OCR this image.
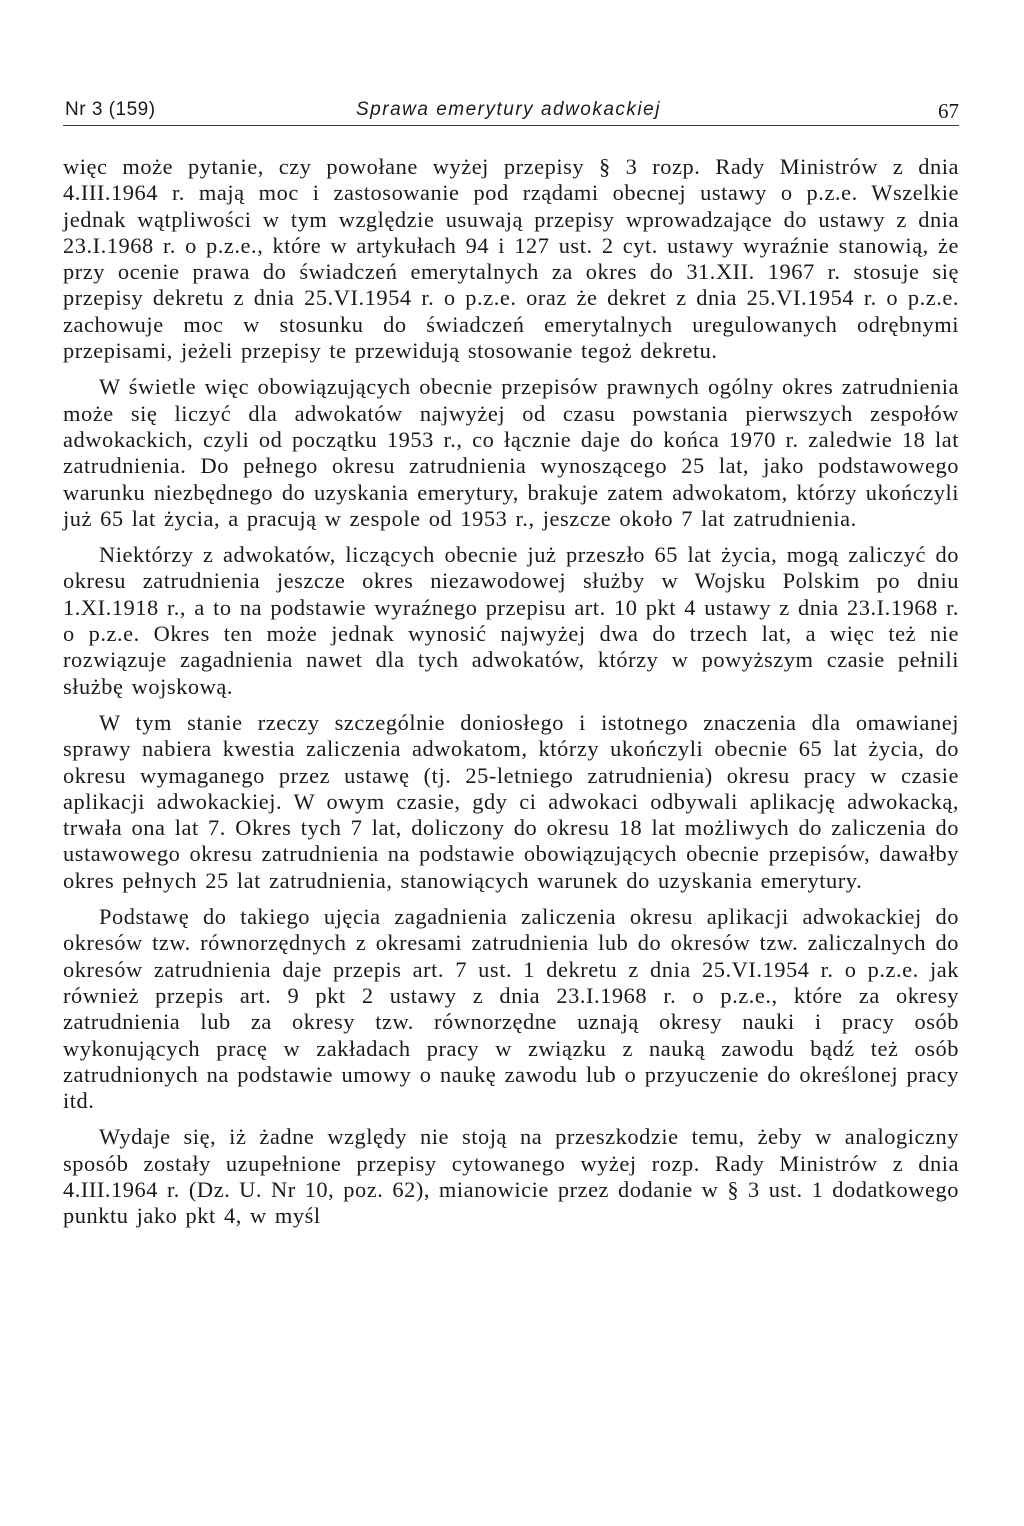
Nr 3 (159)	Sprawa emerytury adwokackiej	67

więc może pytanie, czy powołane wyżej przepisy § 3 rozp. Rady Ministrów z dnia 4.III.1964 r. mają moc i zastosowanie pod rządami obecnej ustawy o p.z.e. Wszelkie jednak wątpliwości w tym względzie usuwają przepisy wprowadzające do ustawy z dnia 23.I.1968 r. o p.z.e., które w artykułach 94 i 127 ust. 2 cyt. ustawy wyraźnie stanowią, że przy ocenie prawa do świadczeń emerytalnych za okres do 31.XII. 1967 r. stosuje się przepisy dekretu z dnia 25.VI.1954 r. o p.z.e. oraz że dekret z dnia 25.VI.1954 r. o p.z.e. zachowuje moc w stosunku do świadczeń emerytalnych uregulowanych odrębnymi przepisami, jeżeli przepisy te przewidują stosowanie tegoż dekretu.

W świetle więc obowiązujących obecnie przepisów prawnych ogólny okres zatrudnienia może się liczyć dla adwokatów najwyżej od czasu powstania pierwszych zespołów adwokackich, czyli od początku 1953 r., co łącznie daje do końca 1970 r. zaledwie 18 lat zatrudnienia. Do pełnego okresu zatrudnienia wynoszącego 25 lat, jako podstawowego warunku niezbędnego do uzyskania emerytury, brakuje zatem adwokatom, którzy ukończyli już 65 lat życia, a pracują w zespole od 1953 r., jeszcze około 7 lat zatrudnienia.

Niektórzy z adwokatów, liczących obecnie już przeszło 65 lat życia, mogą zaliczyć do okresu zatrudnienia jeszcze okres niezawodowej służby w Wojsku Polskim po dniu 1.XI.1918 r., a to na podstawie wyraźnego przepisu art. 10 pkt 4 ustawy z dnia 23.I.1968 r. o p.z.e. Okres ten może jednak wynosić najwyżej dwa do trzech lat, a więc też nie rozwiązuje zagadnienia nawet dla tych adwokatów, którzy w powyższym czasie pełnili służbę wojskową.

W tym stanie rzeczy szczególnie doniosłego i istotnego znaczenia dla omawianej sprawy nabiera kwestia zaliczenia adwokatom, którzy ukończyli obecnie 65 lat życia, do okresu wymaganego przez ustawę (tj. 25-letniego zatrudnienia) okresu pracy w czasie aplikacji adwokackiej. W owym czasie, gdy ci adwokaci odbywali aplikację adwokacką, trwała ona lat 7. Okres tych 7 lat, doliczony do okresu 18 lat możliwych do zaliczenia do ustawowego okresu zatrudnienia na podstawie obowiązujących obecnie przepisów, dawałby okres pełnych 25 lat zatrudnienia, stanowiących warunek do uzyskania emerytury.

Podstawę do takiego ujęcia zagadnienia zaliczenia okresu aplikacji adwokackiej do okresów tzw. równorzędnych z okresami zatrudnienia lub do okresów tzw. zaliczalnych do okresów zatrudnienia daje przepis art. 7 ust. 1 dekretu z dnia 25.VI.1954 r. o p.z.e. jak również przepis art. 9 pkt 2 ustawy z dnia 23.I.1968 r. o p.z.e., które za okresy zatrudnienia lub za okresy tzw. równorzędne uznają okresy nauki i pracy osób wykonujących pracę w zakładach pracy w związku z nauką zawodu bądź też osób zatrudnionych na podstawie umowy o naukę zawodu lub o przyuczenie do określonej pracy itd.

Wydaje się, iż żadne względy nie stoją na przeszkodzie temu, żeby w analogiczny sposób zostały uzupełnione przepisy cytowanego wyżej rozp. Rady Ministrów z dnia 4.III.1964 r. (Dz. U. Nr 10, poz. 62), mianowicie przez dodanie w § 3 ust. 1 dodatkowego punktu jako pkt 4, w myśl
